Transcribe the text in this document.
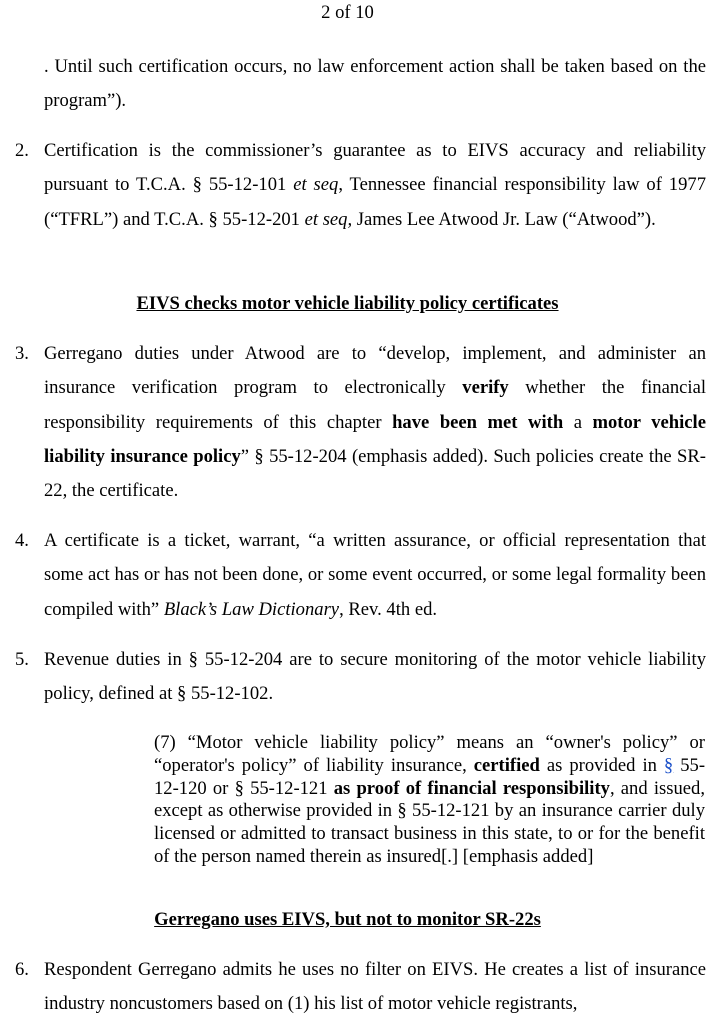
2 of 10

. Until such certification occurs, no law enforcement action shall be taken based on the program”).

2. Certification is the commissioner’s guarantee as to EIVS accuracy and reliability pursuant to T.C.A. § 55-12-101 et seq, Tennessee financial responsibility law of 1977 (“TFRL”) and T.C.A. § 55-12-201 et seq, James Lee Atwood Jr. Law (“Atwood”).

EIVS checks motor vehicle liability policy certificates
3. Gerregano duties under Atwood are to “develop, implement, and administer an insurance verification program to electronically verify whether the financial responsibility requirements of this chapter have been met with a motor vehicle liability insurance policy” § 55-12-204 (emphasis added). Such policies create the SR-22, the certificate.

4. A certificate is a ticket, warrant, “a written assurance, or official representation that some act has or has not been done, or some event occurred, or some legal formality been compiled with” Black’s Law Dictionary, Rev. 4th ed.

5. Revenue duties in § 55-12-204 are to secure monitoring of the motor vehicle liability policy, defined at § 55-12-102.

(7) “Motor vehicle liability policy” means an “owner's policy” or “operator's policy” of liability insurance, certified as provided in § 55-12-120 or § 55-12-121 as proof of financial responsibility, and issued, except as otherwise provided in § 55-12-121 by an insurance carrier duly licensed or admitted to transact business in this state, to or for the benefit of the person named therein as insured[.] [emphasis added]
Gerregano uses EIVS, but not to monitor SR-22s
6. Respondent Gerregano admits he uses no filter on EIVS. He creates a list of insurance industry noncustomers based on (1) his list of motor vehicle registrants,
